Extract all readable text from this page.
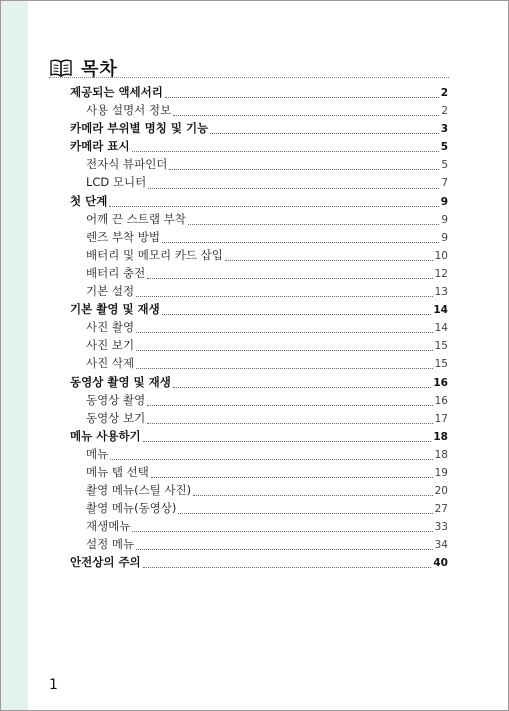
목차
제공되는 액세서리	2
사용 설명서 정보	2
카메라 부위별 명칭 및 기능	3
카메라 표시	5
전자식 뷰파인더	5
LCD 모니터	7
첫 단계	9
어깨 끈 스트랩 부착	9
렌즈 부착 방법	9
배터리 및 메모리 카드 삽입	10
배터리 충전	12
기본 설정	13
기본 촬영 및 재생	14
사진 촬영	14
사진 보기	15
사진 삭제	15
동영상 촬영 및 재생	16
동영상 촬영	16
동영상 보기	17
메뉴 사용하기	18
메뉴	18
메뉴 탭 선택	19
촬영 메뉴(스틸 사진)	20
촬영 메뉴(동영상)	27
재생메뉴	33
설정 메뉴	34
안전상의 주의	40
1
